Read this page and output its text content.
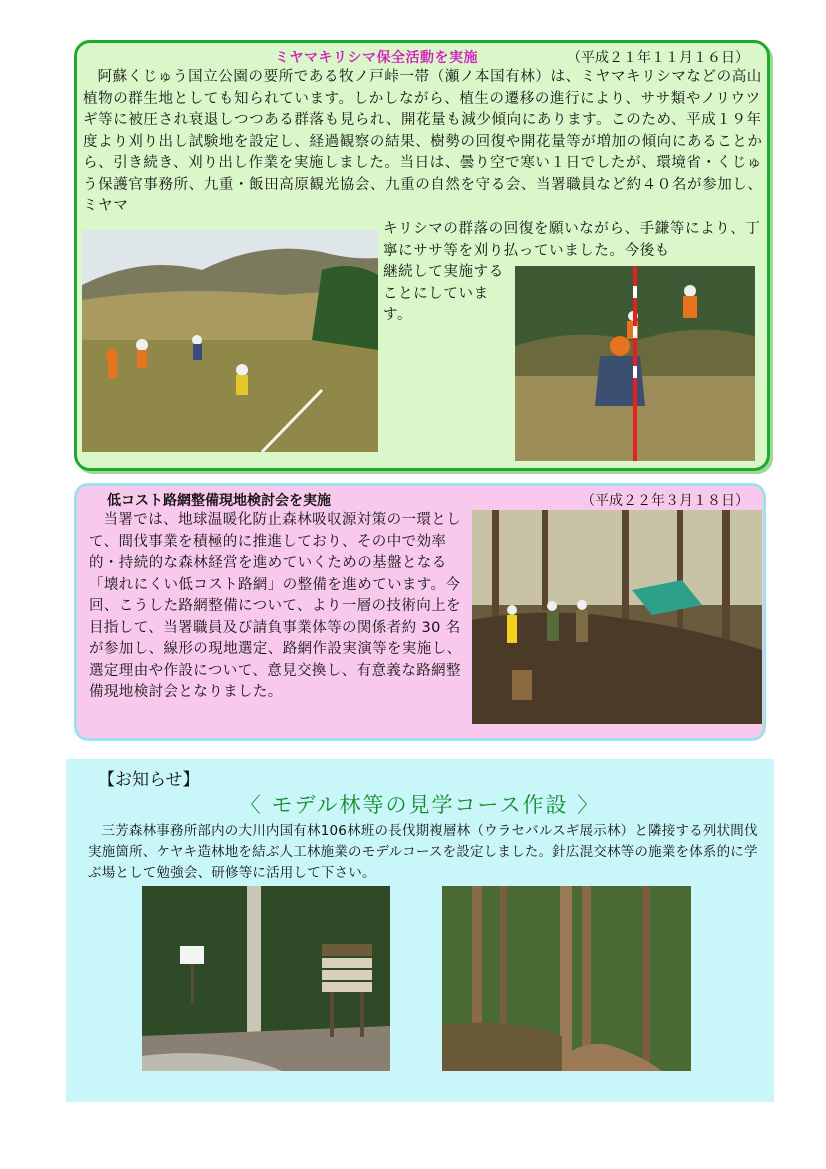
ミヤマキリシマ保全活動を実施	（平成２１年１１月１６日）

阿蘇くじゅう国立公園の要所である牧ノ戸峠一帯（瀬ノ本国有林）は、ミヤマキリシマなどの高山植物の群生地としても知られています。しかしながら、植生の遷移の進行により、ササ類やノリウツギ等に被圧され衰退しつつある群落も見られ、開花量も減少傾向にあります。このため、平成１９年度より刈り出し試験地を設定し、経過観察の結果、樹勢の回復や開花量等が増加の傾向にあることから、引き続き、刈り出し作業を実施しました。当日は、曇り空で寒い１日でしたが、環境省・くじゅう保護官事務所、九重・飯田高原観光協会、九重の自然を守る会、当署職員など約４０名が参加し、ミヤマ

キリシマの群落の回復を願いながら、手鎌等により、丁寧にササ等を刈り払っていました。今後も
継続して実施することにしています。
低コスト路網整備現地検討会を実施	（平成２２年３月１８日）

当署では、地球温暖化防止森林吸収源対策の一環として、間伐事業を積極的に推進しており、その中で効率的・持続的な森林経営を進めていくための基盤となる「壊れにくい低コスト路網」の整備を進めています。今回、こうした路網整備について、より一層の技術向上を目指して、当署職員及び請負事業体等の関係者約 30 名が参加し、線形の現地選定、路網作設実演等を実施し、選定理由や作設について、意見交換し、有意義な路網整備現地検討会となりました。

【お知らせ】
〈 モデル林等の見学コース作設 〉

三芳森林事務所部内の大川内国有林106林班の長伐期複層林（ウラセバルスギ展示林）と隣接する列状間伐実施箇所、ケヤキ造林地を結ぶ人工林施業のモデルコースを設定しました。針広混交林等の施業を体系的に学ぶ場として勉強会、研修等に活用して下さい。
